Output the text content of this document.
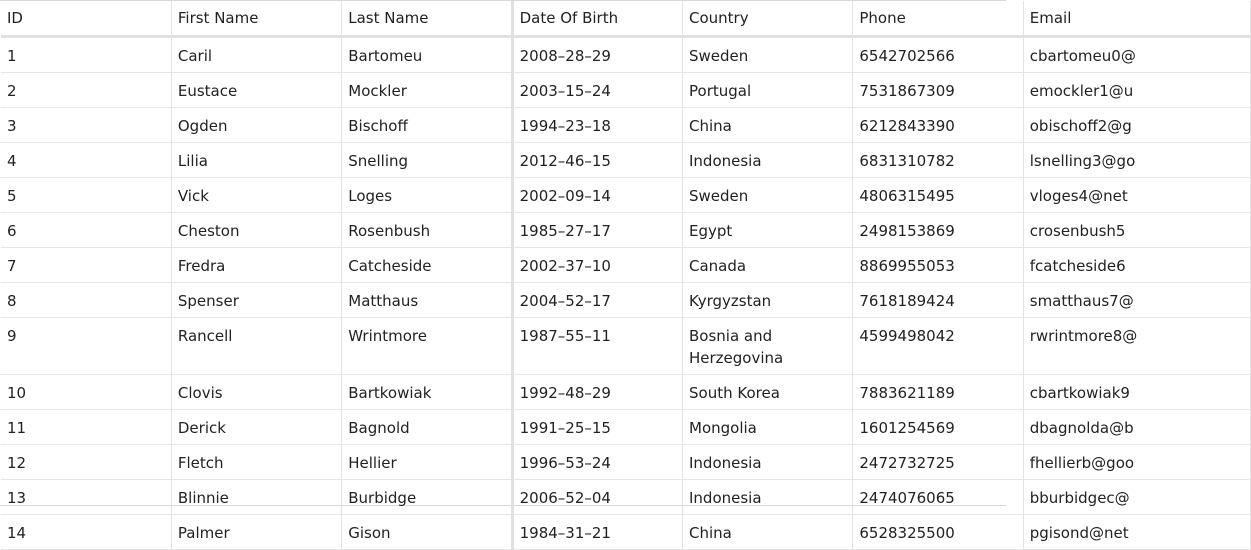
ID	First Name	Last Name	Date Of Birth	Country	Phone	Email
1	Caril	Bartomeu	2008–28–29	Sweden	6542702566	cbartomeu0@
2	Eustace	Mockler	2003–15–24	Portugal	7531867309	emockler1@u
3	Ogden	Bischoff	1994–23–18	China	6212843390	obischoff2@g
4	Lilia	Snelling	2012–46–15	Indonesia	6831310782	lsnelling3@go
5	Vick	Loges	2002–09–14	Sweden	4806315495	vloges4@net
6	Cheston	Rosenbush	1985–27–17	Egypt	2498153869	crosenbush5
7	Fredra	Catcheside	2002–37–10	Canada	8869955053	fcatcheside6
8	Spenser	Matthaus	2004–52–17	Kyrgyzstan	7618189424	smatthaus7@
9	Rancell	Wrintmore	1987–55–11	Bosnia and Herzegovina	4599498042	rwrintmore8@
10	Clovis	Bartkowiak	1992–48–29	South Korea	7883621189	cbartkowiak9
11	Derick	Bagnold	1991–25–15	Mongolia	1601254569	dbagnolda@b
12	Fletch	Hellier	1996–53–24	Indonesia	2472732725	fhellierb@goo
13	Blinnie	Burbidge	2006–52–04	Indonesia	2474076065	bburbidgec@
14	Palmer	Gison	1984–31–21	China	6528325500	pgisond@net
